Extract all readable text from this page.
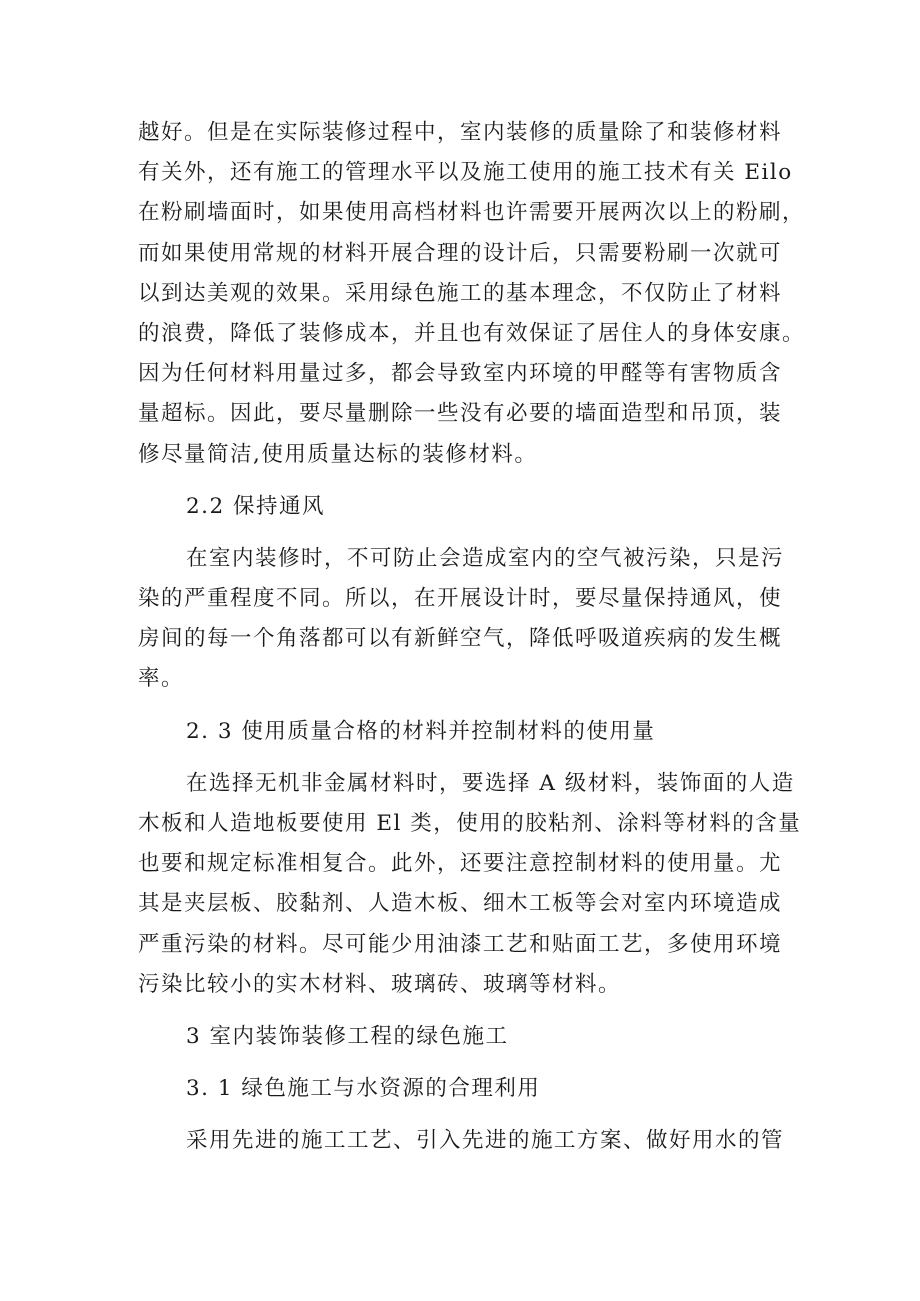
越好。但是在实际装修过程中，室内装修的质量除了和装修材料
有关外，还有施工的管理水平以及施工使用的施工技术有关 Eilo
在粉刷墙面时，如果使用高档材料也许需要开展两次以上的粉刷，
而如果使用常规的材料开展合理的设计后，只需要粉刷一次就可
以到达美观的效果。采用绿色施工的基本理念，不仅防止了材料
的浪费，降低了装修成本，并且也有效保证了居住人的身体安康。
因为任何材料用量过多，都会导致室内环境的甲醛等有害物质含
量超标。因此，要尽量删除一些没有必要的墙面造型和吊顶，装
修尽量简洁,使用质量达标的装修材料。
2.2 保持通风
在室内装修时，不可防止会造成室内的空气被污染，只是污
染的严重程度不同。所以，在开展设计时，要尽量保持通风，使
房间的每一个角落都可以有新鲜空气，降低呼吸道疾病的发生概
率。
2. 3 使用质量合格的材料并控制材料的使用量
在选择无机非金属材料时，要选择 A 级材料，装饰面的人造
木板和人造地板要使用 El 类，使用的胶粘剂、涂料等材料的含量
也要和规定标准相复合。此外，还要注意控制材料的使用量。尤
其是夹层板、胶黏剂、人造木板、细木工板等会对室内环境造成
严重污染的材料。尽可能少用油漆工艺和贴面工艺，多使用环境
污染比较小的实木材料、玻璃砖、玻璃等材料。
3 室内装饰装修工程的绿色施工
3. 1 绿色施工与水资源的合理利用
采用先进的施工工艺、引入先进的施工方案、做好用水的管
